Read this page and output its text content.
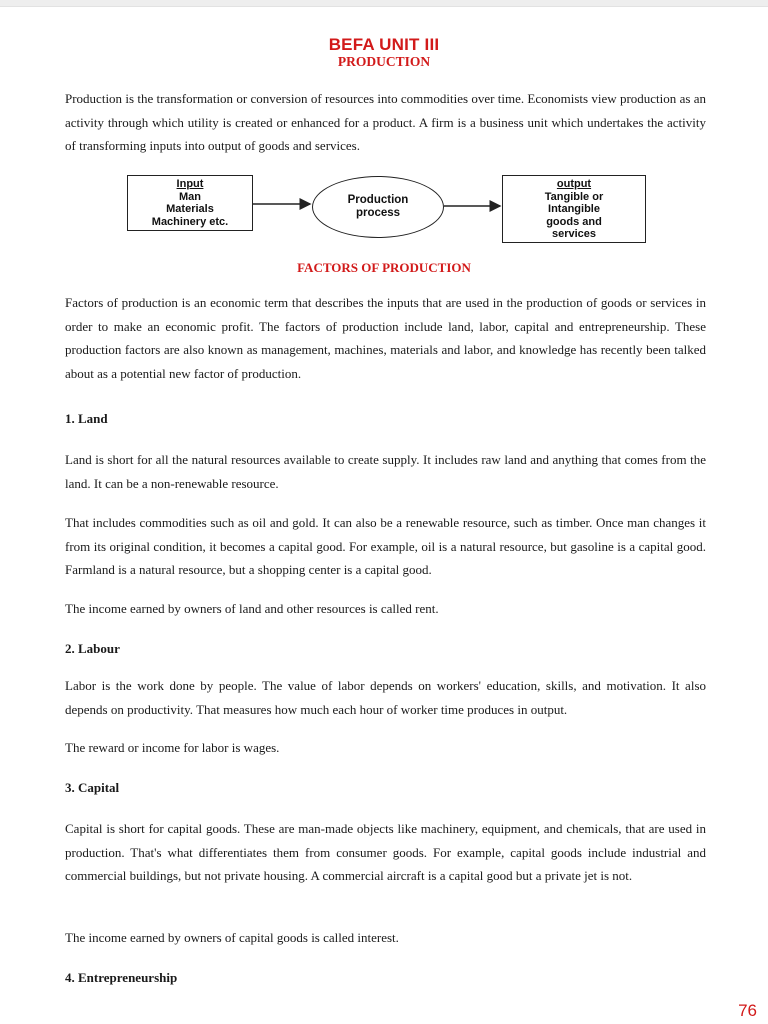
BEFA UNIT III
PRODUCTION

Production is the transformation or conversion of resources into commodities over time. Economists view production as an activity through which utility is created or enhanced for a product. A firm is a business unit which undertakes the activity of transforming inputs into output of goods and services.

Input
Man
Materials
Machinery etc.
Production
process
output
Tangible or
Intangible
goods and
services
FACTORS OF PRODUCTION

Factors of production is an economic term that describes the inputs that are used in the production of goods or services in order to make an economic profit. The factors of production include land, labor, capital and entrepreneurship. These production factors are also known as management, machines, materials and labor, and knowledge has recently been talked about as a potential new factor of production.

1. Land

Land is short for all the natural resources available to create supply. It includes raw land and anything that comes from the land. It can be a non-renewable resource.

That includes commodities such as oil and gold. It can also be a renewable resource, such as timber. Once man changes it from its original condition, it becomes a capital good. For example, oil is a natural resource, but gasoline is a capital good. Farmland is a natural resource, but a shopping center is a capital good.

The income earned by owners of land and other resources is called rent.

2. Labour

Labor is the work done by people. The value of labor depends on workers' education, skills, and motivation. It also depends on productivity. That measures how much each hour of worker time produces in output.

The reward or income for labor is wages.

3. Capital

Capital is short for capital goods. These are man-made objects like machinery, equipment, and chemicals, that are used in production. That's what differentiates them from consumer goods. For example, capital goods include industrial and commercial buildings, but not private housing. A commercial aircraft is a capital good but a private jet is not.

The income earned by owners of capital goods is called interest.

4. Entrepreneurship
76
